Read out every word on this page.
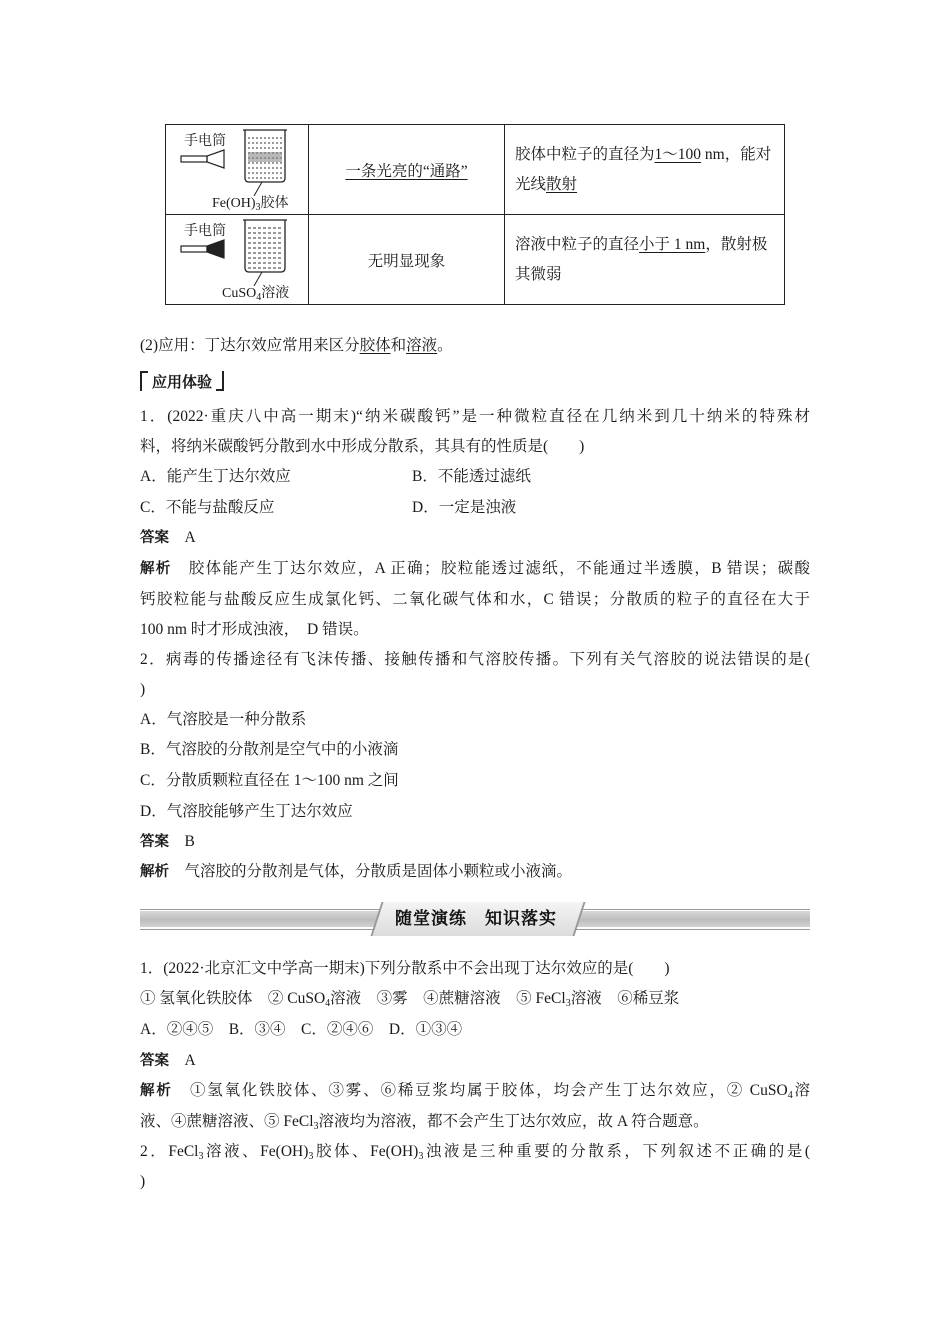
手电筒
$Fe(OH)_3$胶体	一条光亮的“通路”	胶体中粒子的直径为1～100 nm，能对光线散射

手电筒
CuSO$_4$溶液	无明显现象	溶液中粒子的直径小于 1 nm，散射极其微弱
(2)应用：丁达尔效应常用来区分胶体和溶液。
1．(2022·重庆八中高一期末)“纳米碳酸钙”是一种微粒直径在几纳米到几十纳米的特殊材
料，将纳米碳酸钙分散到水中形成分散系，其具有的性质是(　　)
A．能产生丁达尔效应	B．不能透过滤纸
C．不能与盐酸反应	D．一定是浊液
答案　 A
解析　 胶体能产生丁达尔效应，A 正确；胶粒能透过滤纸，不能通过半透膜，B 错误；碳酸
钙胶粒能与盐酸反应生成氯化钙、二氧化碳气体和水，C 错误；分散质的粒子的直径在大于
100 nm 时才形成浊液，　D 错误。
2．病毒的传播途径有飞沫传播、接触传播和气溶胶传播。下列有关气溶胶的说法错误的是(
)
A．气溶胶是一种分散系
B．气溶胶的分散剂是空气中的小液滴
C．分散质颗粒直径在 1～100 nm 之间
D．气溶胶能够产生丁达尔效应
答案　 B
解析　 气溶胶的分散剂是气体，分散质是固体小颗粒或小液滴。
1．(2022·北京汇文中学高一期末)下列分散系中不会出现丁达尔效应的是(　　)
① 氢氧化铁胶体　② CuSO$_4$溶液　③雾　④蔗糖溶液　⑤ FeCl$_3$溶液　⑥稀豆浆
A．②④⑤　B．③④　C．②④⑥　D．①③④
答案　 A
解析　 ①氢氧化铁胶体、③雾、⑥稀豆浆均属于胶体，均会产生丁达尔效应，② CuSO$_4$溶
液、④蔗糖溶液、⑤ FeCl$_3$溶液均为溶液，都不会产生丁达尔效应，故 A 符合题意。
2．FeCl$_3$溶液、$Fe(OH)_3$胶体、$Fe(OH)_3$浊液是三种重要的分散系，下列叙述不正确的是(
)
应用体验
随堂演练　知识落实
